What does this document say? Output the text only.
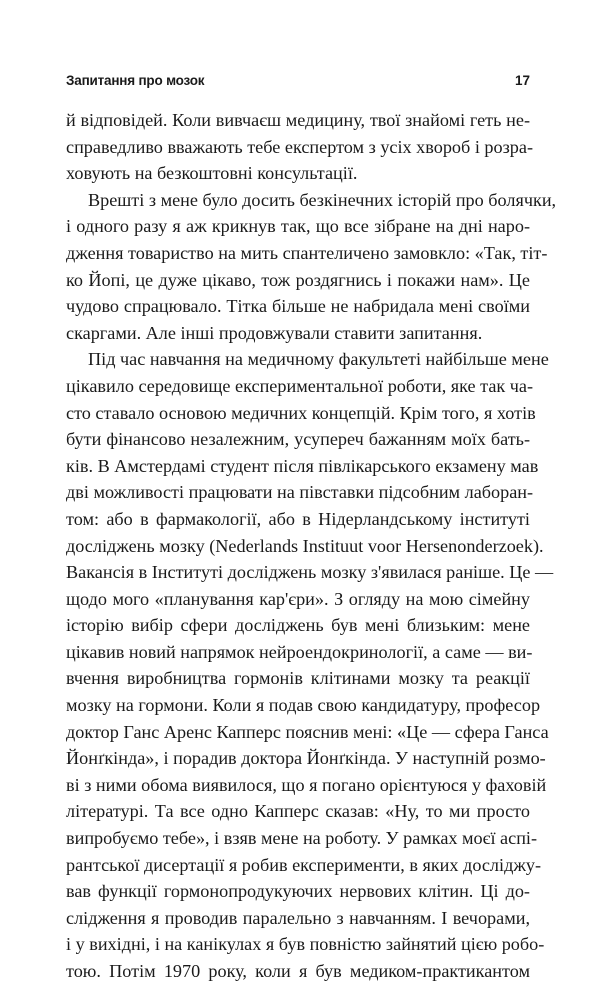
Запитання про мозок	17
й відповідей. Коли вивчаєш медицину, твої знайомі геть не-
справедливо вважають тебе експертом з усіх хвороб і розра-
ховують на безкоштовні консультації.
Врешті з мене було досить безкінечних історій про болячки,
і одного разу я аж крикнув так, що все зібране на дні наро-
дження товариство на мить спантеличено замовкло: «Так, тіт-
ко Йопі, це дуже цікаво, тож роздягнись і покажи нам». Це
чудово спрацювало. Тітка більше не набридала мені своїми
скаргами. Але інші продовжували ставити запитання.
Під час навчання на медичному факультеті найбільше мене
цікавило середовище експериментальної роботи, яке так ча-
сто ставало основою медичних концепцій. Крім того, я хотів
бути фінансово незалежним, усупереч бажанням моїх бать-
ків. В Амстердамі студент після півлікарського екзамену мав
дві можливості працювати на півставки підсобним лаборан-
том: або в фармакології, або в Нідерландському інституті
досліджень мозку (Nederlands Instituut voor Hersenonderzoek).
Вакансія в Інституті досліджень мозку з'явилася раніше. Це —
щодо мого «планування кар'єри». З огляду на мою сімейну
історію вибір сфери досліджень був мені близьким: мене
цікавив новий напрямок нейроендокринології, а саме — ви-
вчення виробництва гормонів клітинами мозку та реакції
мозку на гормони. Коли я подав свою кандидатуру, професор
доктор Ганс Аренс Капперс пояснив мені: «Це — сфера Ганса
Йонґкінда», і порадив доктора Йонґкінда. У наступній розмо-
ві з ними обома виявилося, що я погано орієнтуюся у фаховій
літературі. Та все одно Капперс сказав: «Ну, то ми просто
випробуємо тебе», і взяв мене на роботу. У рамках моєї аспі-
рантської дисертації я робив експерименти, в яких досліджу-
вав функції гормонопродукуючих нервових клітин. Ці до-
слідження я проводив паралельно з навчанням. І вечорами,
і у вихідні, і на канікулах я був повністю зайнятий цією робо-
тою. Потім 1970 року, коли я був медиком-практикантом
